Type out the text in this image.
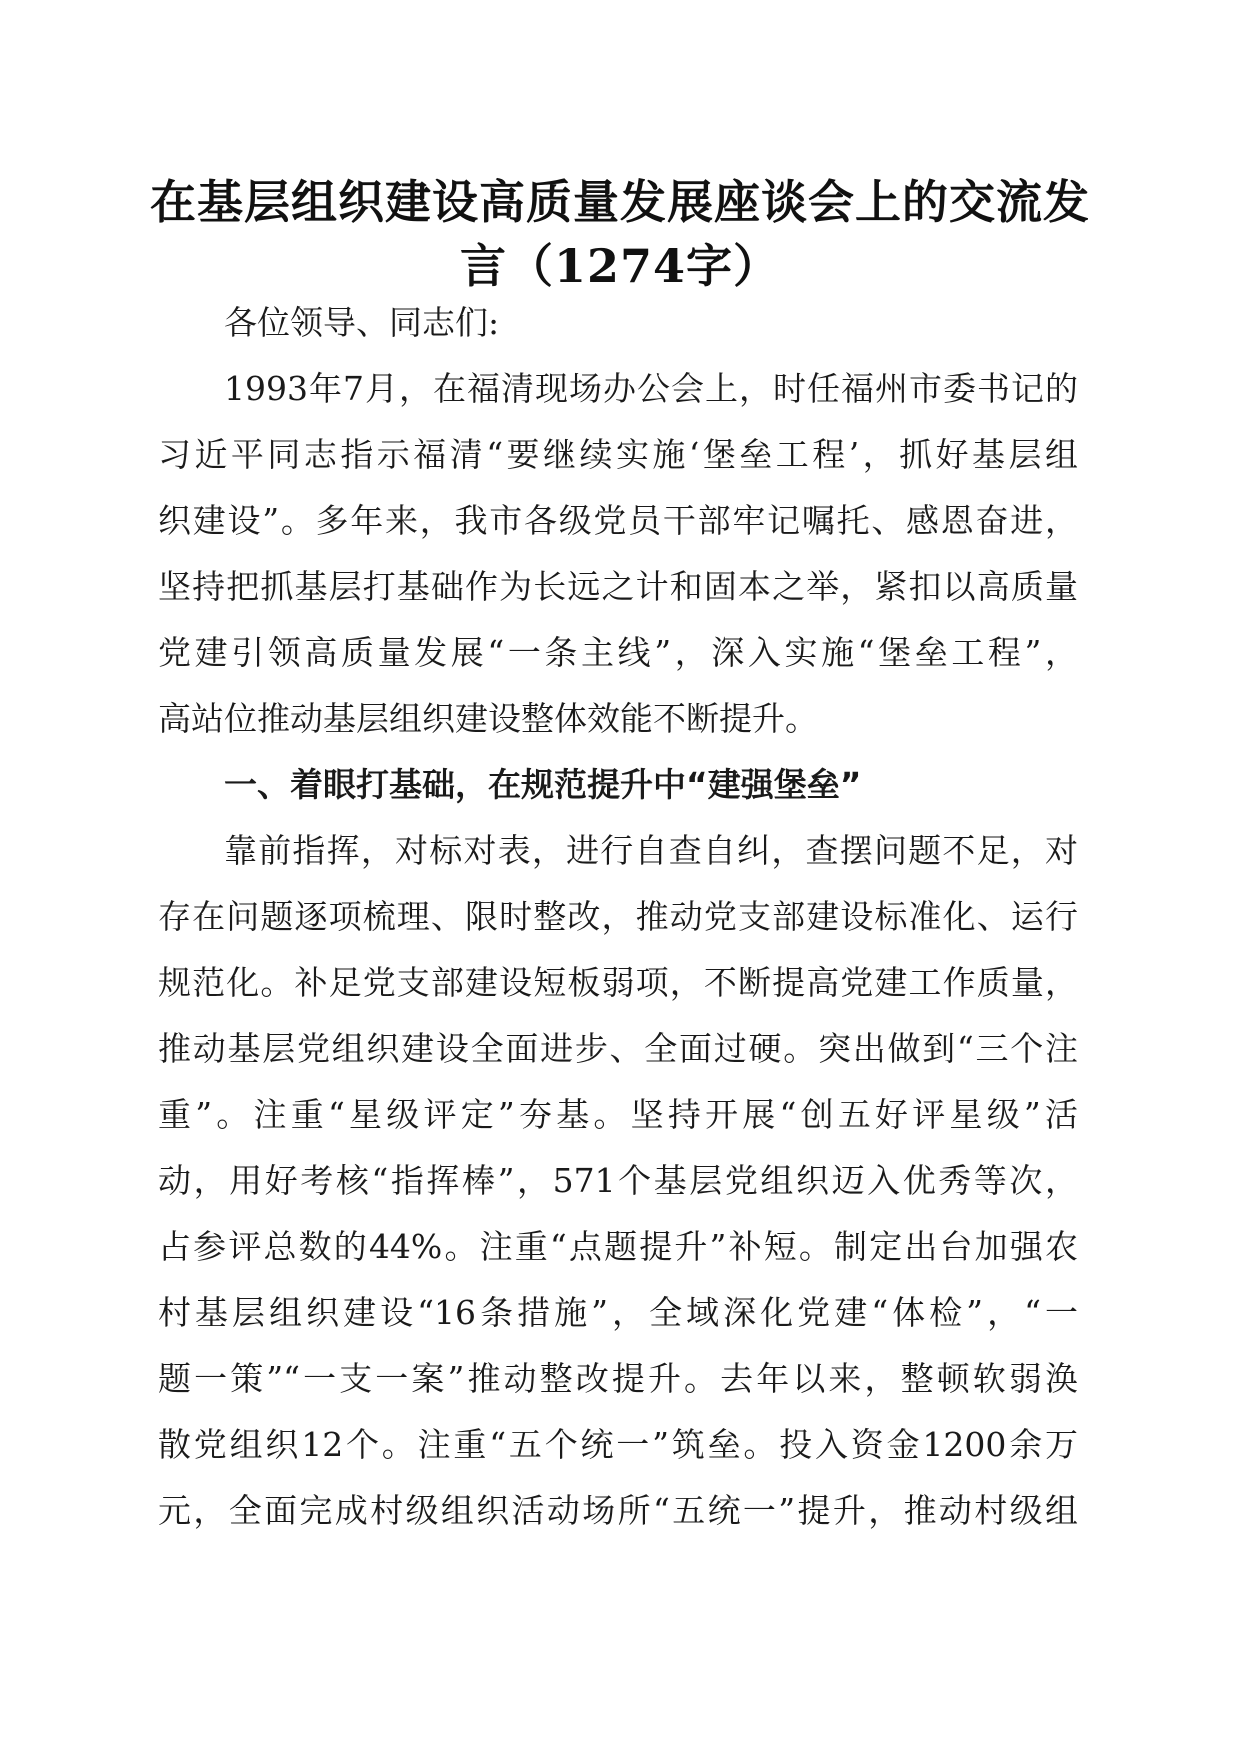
在基层组织建设高质量发展座谈会上的交流发
言（1274字）
各位领导、同志们:
1993年7月，在福清现场办公会上，时任福州市委书记的
习近平同志指示福清“要继续实施‘堡垒工程’，抓好基层组
织建设”。多年来，我市各级党员干部牢记嘱托、感恩奋进，
坚持把抓基层打基础作为长远之计和固本之举，紧扣以高质量
党建引领高质量发展“一条主线”，深入实施“堡垒工程”，
高站位推动基层组织建设整体效能不断提升。
一、着眼打基础，在规范提升中“建强堡垒”
靠前指挥，对标对表，进行自查自纠，查摆问题不足，对
存在问题逐项梳理、限时整改，推动党支部建设标准化、运行
规范化。补足党支部建设短板弱项，不断提高党建工作质量，
推动基层党组织建设全面进步、全面过硬。突出做到“三个注
重”。注重“星级评定”夯基。坚持开展“创五好评星级”活
动，用好考核“指挥棒”，571个基层党组织迈入优秀等次，
占参评总数的44%。注重“点题提升”补短。制定出台加强农
村基层组织建设“16条措施”，全域深化党建“体检”，“一
题一策”“一支一案”推动整改提升。去年以来，整顿软弱涣
散党组织12个。注重“五个统一”筑垒。投入资金1200余万
元，全面完成村级组织活动场所“五统一”提升，推动村级组
